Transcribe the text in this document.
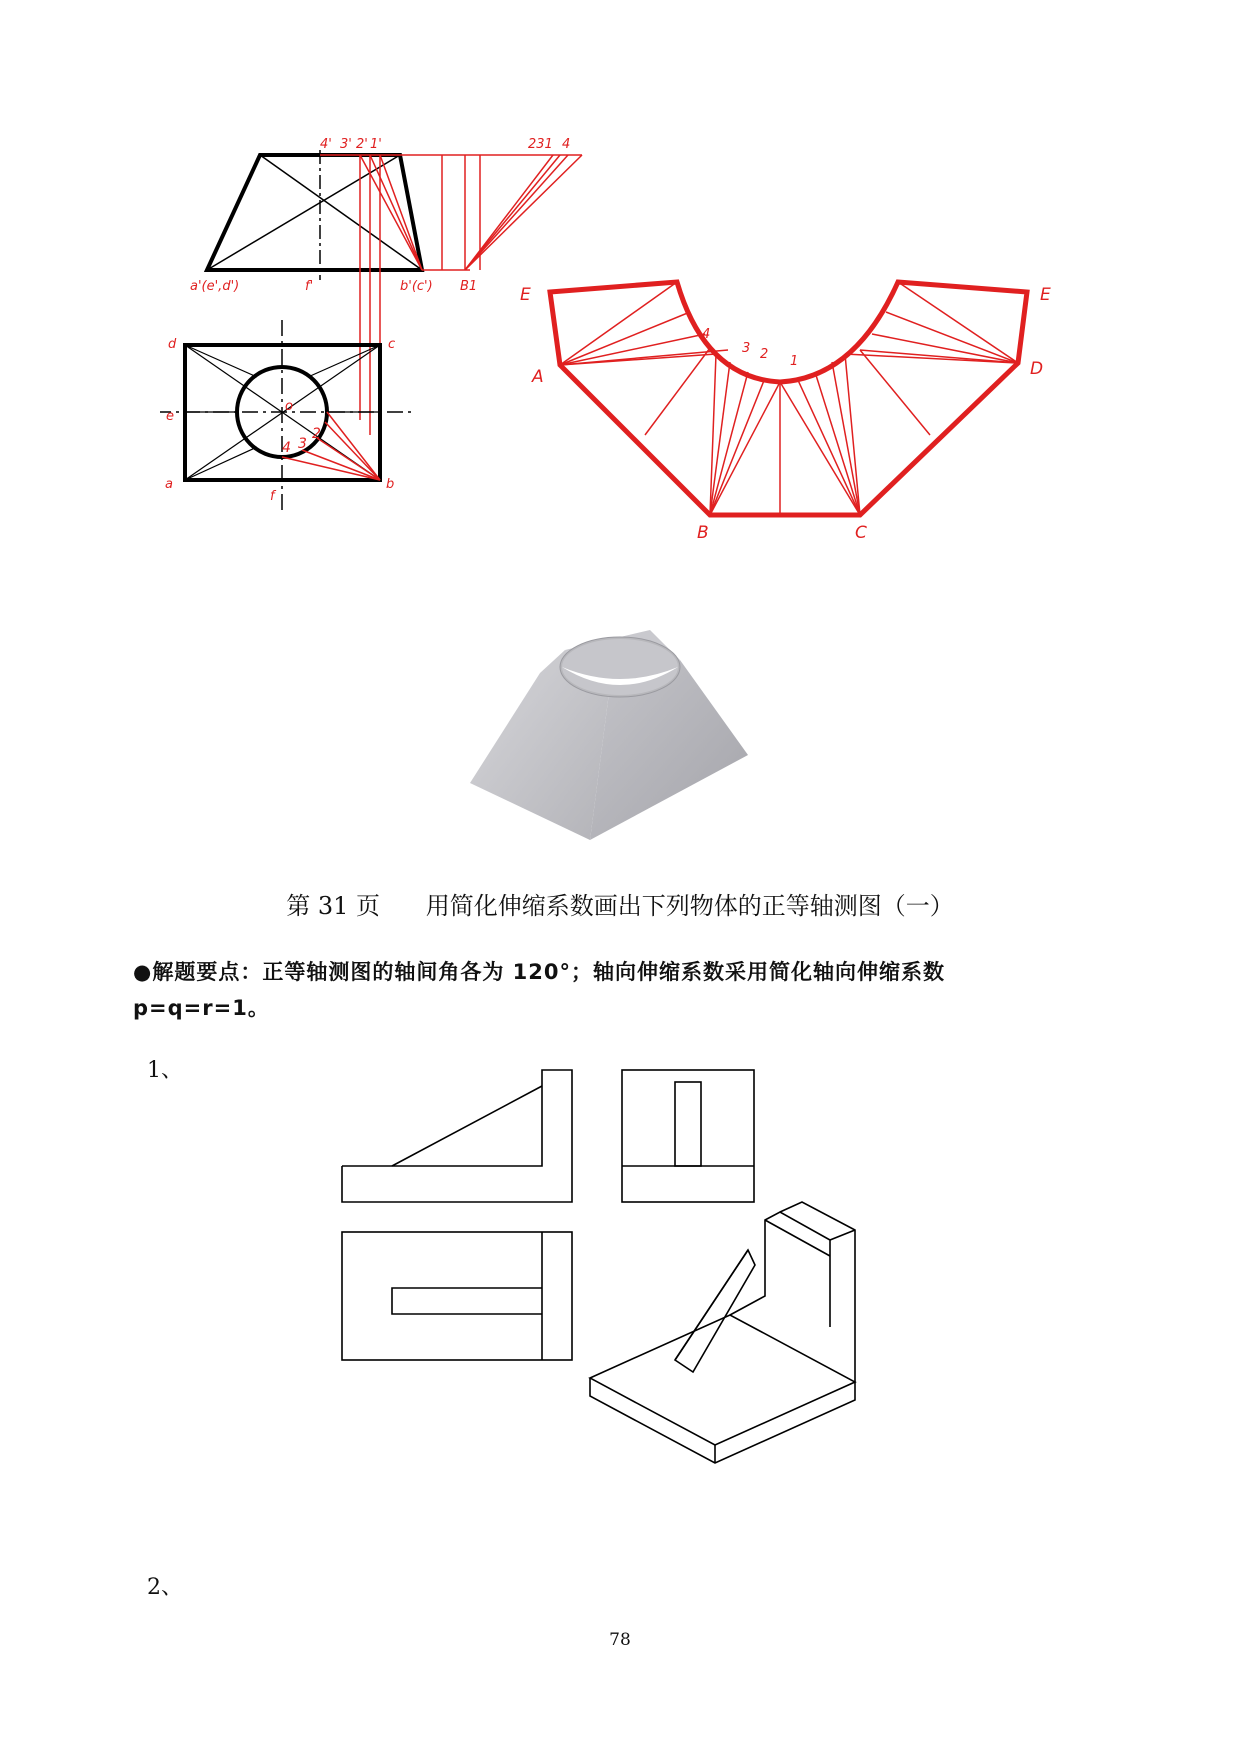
4' 3' 2' 1'	231 4
a'(e',d')	f'	b'(c') B1
d	c
e
o
4 3
2
a
f
b
E
A
4
3 2 1
B	C
D
E
第 31 页      用简化伸缩系数画出下列物体的正等轴测图（一）
●解题要点：正等轴测图的轴间角各为 120°；轴向伸缩系数采用简化轴向伸缩系数
p=q=r=1。
1、
2、
78
